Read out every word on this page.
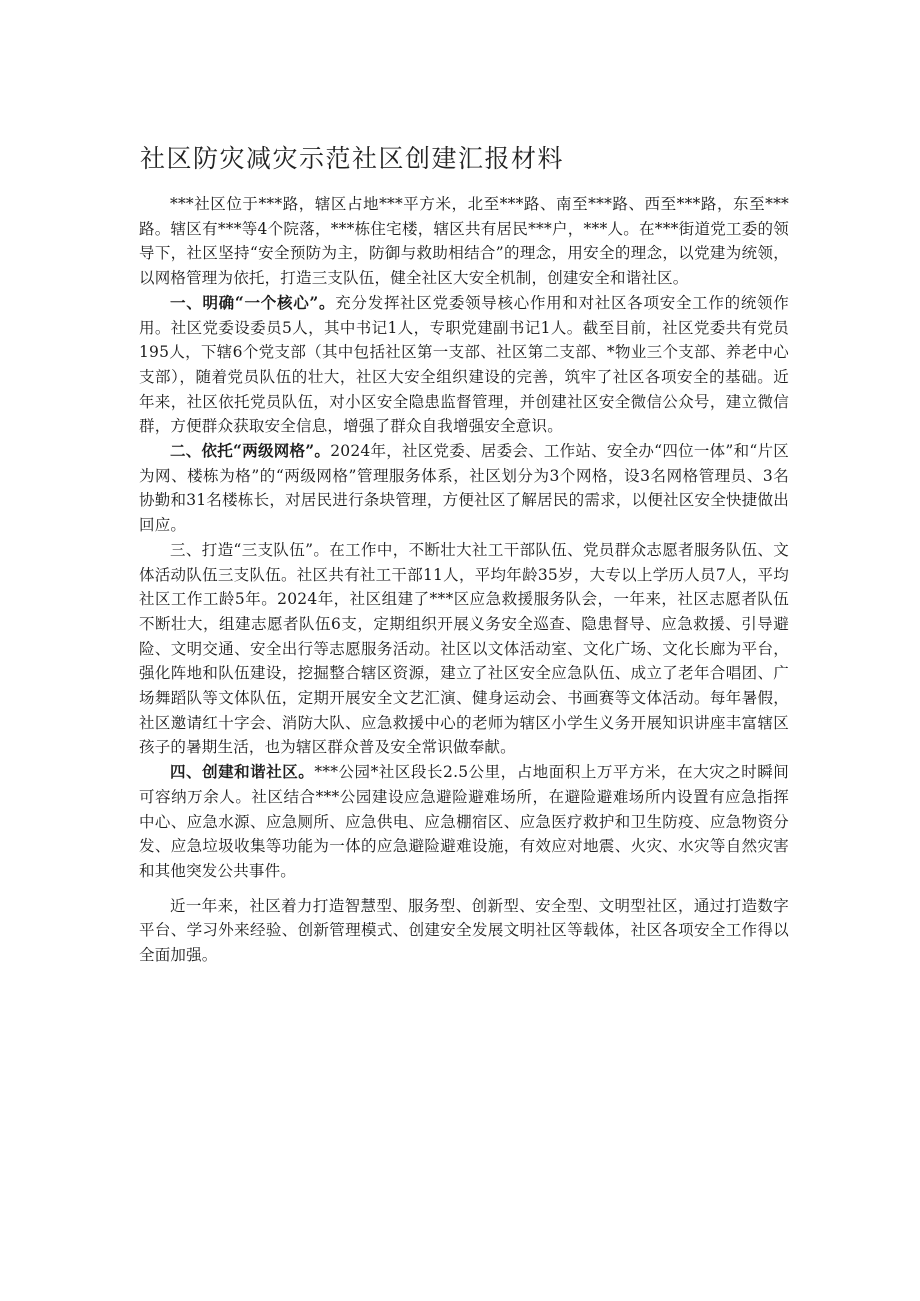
社区防灾减灾示范社区创建汇报材料

***社区位于***路，辖区占地***平方米，北至***路、南至***路、西至***路，东至***路。辖区有***等4个院落，***栋住宅楼，辖区共有居民***户，***人。在***街道党工委的领导下，社区坚持“安全预防为主，防御与救助相结合”的理念，用安全的理念，以党建为统领，以网格管理为依托，打造三支队伍，健全社区大安全机制，创建安全和谐社区。

一、明确“一个核心”。充分发挥社区党委领导核心作用和对社区各项安全工作的统领作用。社区党委设委员5人，其中书记1人，专职党建副书记1人。截至目前，社区党委共有党员195人，下辖6个党支部（其中包括社区第一支部、社区第二支部、*物业三个支部、养老中心支部），随着党员队伍的壮大，社区大安全组织建设的完善，筑牢了社区各项安全的基础。近年来，社区依托党员队伍，对小区安全隐患监督管理，并创建社区安全微信公众号，建立微信群，方便群众获取安全信息，增强了群众自我增强安全意识。

二、依托“两级网格”。2024年，社区党委、居委会、工作站、安全办“四位一体”和“片区为网、楼栋为格”的“两级网格”管理服务体系，社区划分为3个网格，设3名网格管理员、3名协勤和31名楼栋长，对居民进行条块管理，方便社区了解居民的需求，以便社区安全快捷做出回应。

三、打造“三支队伍”。在工作中，不断壮大社工干部队伍、党员群众志愿者服务队伍、文体活动队伍三支队伍。社区共有社工干部11人，平均年龄35岁，大专以上学历人员7人，平均社区工作工龄5年。2024年，社区组建了***区应急救援服务队会，一年来，社区志愿者队伍不断壮大，组建志愿者队伍6支，定期组织开展义务安全巡查、隐患督导、应急救援、引导避险、文明交通、安全出行等志愿服务活动。社区以文体活动室、文化广场、文化长廊为平台，强化阵地和队伍建设，挖掘整合辖区资源，建立了社区安全应急队伍、成立了老年合唱团、广场舞蹈队等文体队伍，定期开展安全文艺汇演、健身运动会、书画赛等文体活动。每年暑假，社区邀请红十字会、消防大队、应急救援中心的老师为辖区小学生义务开展知识讲座丰富辖区孩子的暑期生活，也为辖区群众普及安全常识做奉献。

四、创建和谐社区。***公园*社区段长2.5公里，占地面积上万平方米，在大灾之时瞬间可容纳万余人。社区结合***公园建设应急避险避难场所，在避险避难场所内设置有应急指挥中心、应急水源、应急厕所、应急供电、应急棚宿区、应急医疗救护和卫生防疫、应急物资分发、应急垃圾收集等功能为一体的应急避险避难设施，有效应对地震、火灾、水灾等自然灾害和其他突发公共事件。

近一年来，社区着力打造智慧型、服务型、创新型、安全型、文明型社区，通过打造数字平台、学习外来经验、创新管理模式、创建安全发展文明社区等载体，社区各项安全工作得以全面加强。
